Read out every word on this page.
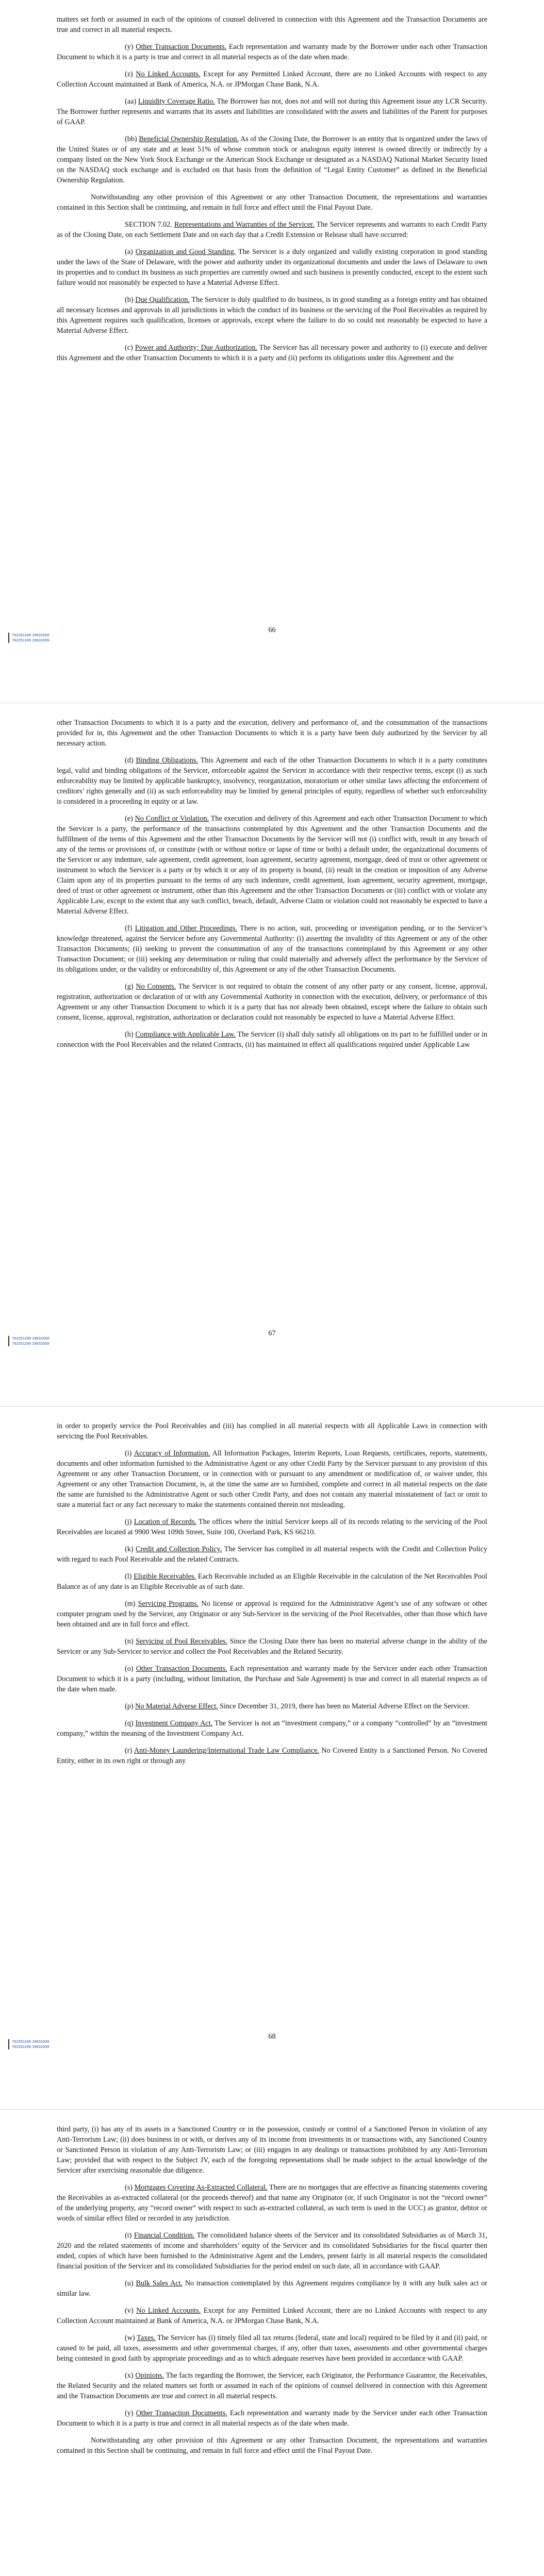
matters set forth or assumed in each of the opinions of counsel delivered in connection with this Agreement and the Transaction Documents are true and correct in all material respects.

(y) Other Transaction Documents. Each representation and warranty made by the Borrower under each other Transaction Document to which it is a party is true and correct in all material respects as of the date when made.

(z) No Linked Accounts. Except for any Permitted Linked Account, there are no Linked Accounts with respect to any Collection Account maintained at Bank of America, N.A. or JPMorgan Chase Bank, N.A.

(aa) Liquidity Coverage Ratio. The Borrower has not, does not and will not during this Agreement issue any LCR Security. The Borrower further represents and warrants that its assets and liabilities are consolidated with the assets and liabilities of the Parent for purposes of GAAP.

(bb) Beneficial Ownership Regulation. As of the Closing Date, the Borrower is an entity that is organized under the laws of the United States or of any state and at least 51% of whose common stock or analogous equity interest is owned directly or indirectly by a company listed on the New York Stock Exchange or the American Stock Exchange or designated as a NASDAQ National Market Security listed on the NASDAQ stock exchange and is excluded on that basis from the definition of “Legal Entity Customer” as defined in the Beneficial Ownership Regulation.

Notwithstanding any other provision of this Agreement or any other Transaction Document, the representations and warranties contained in this Section shall be continuing, and remain in full force and effect until the Final Payout Date.

SECTION 7.02. Representations and Warranties of the Servicer. The Servicer represents and warrants to each Credit Party as of the Closing Date, on each Settlement Date and on each day that a Credit Extension or Release shall have occurred:

(a) Organization and Good Standing. The Servicer is a duly organized and validly existing corporation in good standing under the laws of the State of Delaware, with the power and authority under its organizational documents and under the laws of Delaware to own its properties and to conduct its business as such properties are currently owned and such business is presently conducted, except to the extent such failure would not reasonably be expected to have a Material Adverse Effect.

(b) Due Qualification. The Servicer is duly qualified to do business, is in good standing as a foreign entity and has obtained all necessary licenses and approvals in all jurisdictions in which the conduct of its business or the servicing of the Pool Receivables as required by this Agreement requires such qualification, licenses or approvals, except where the failure to do so could not reasonably be expected to have a Material Adverse Effect.

(c) Power and Authority; Due Authorization. The Servicer has all necessary power and authority to (i) execute and deliver this Agreement and the other Transaction Documents to which it is a party and (ii) perform its obligations under this Agreement and the

66
762251189 19631659
762251189 19631659

other Transaction Documents to which it is a party and the execution, delivery and performance of, and the consummation of the transactions provided for in, this Agreement and the other Transaction Documents to which it is a party have been duly authorized by the Servicer by all necessary action.

(d) Binding Obligations. This Agreement and each of the other Transaction Documents to which it is a party constitutes legal, valid and binding obligations of the Servicer, enforceable against the Servicer in accordance with their respective terms, except (i) as such enforceability may be limited by applicable bankruptcy, insolvency, reorganization, moratorium or other similar laws affecting the enforcement of creditors’ rights generally and (ii) as such enforceability may be limited by general principles of equity, regardless of whether such enforceability is considered in a proceeding in equity or at law.

(e) No Conflict or Violation. The execution and delivery of this Agreement and each other Transaction Document to which the Servicer is a party, the performance of the transactions contemplated by this Agreement and the other Transaction Documents and the fulfillment of the terms of this Agreement and the other Transaction Documents by the Servicer will not (i) conflict with, result in any breach of any of the terms or provisions of, or constitute (with or without notice or lapse of time or both) a default under, the organizational documents of the Servicer or any indenture, sale agreement, credit agreement, loan agreement, security agreement, mortgage, deed of trust or other agreement or instrument to which the Servicer is a party or by which it or any of its property is bound, (ii) result in the creation or imposition of any Adverse Claim upon any of its properties pursuant to the terms of any such indenture, credit agreement, loan agreement, security agreement, mortgage, deed of trust or other agreement or instrument, other than this Agreement and the other Transaction Documents or (iii) conflict with or violate any Applicable Law, except to the extent that any such conflict, breach, default, Adverse Claim or violation could not reasonably be expected to have a Material Adverse Effect.

(f) Litigation and Other Proceedings. There is no action, suit, proceeding or investigation pending, or to the Servicer’s knowledge threatened, against the Servicer before any Governmental Authority: (i) asserting the invalidity of this Agreement or any of the other Transaction Documents; (ii) seeking to prevent the consummation of any of the transactions contemplated by this Agreement or any other Transaction Document; or (iii) seeking any determination or ruling that could materially and adversely affect the performance by the Servicer of its obligations under, or the validity or enforceability of, this Agreement or any of the other Transaction Documents.

(g) No Consents. The Servicer is not required to obtain the consent of any other party or any consent, license, approval, registration, authorization or declaration of or with any Governmental Authority in connection with the execution, delivery, or performance of this Agreement or any other Transaction Document to which it is a party that has not already been obtained, except where the failure to obtain such consent, license, approval, registration, authorization or declaration could not reasonably be expected to have a Material Adverse Effect.

(h) Compliance with Applicable Law. The Servicer (i) shall duly satisfy all obligations on its part to be fulfilled under or in connection with the Pool Receivables and the related Contracts, (ii) has maintained in effect all qualifications required under Applicable Law

67
762251189 19631659
762251189 19631659

in order to properly service the Pool Receivables and (iii) has complied in all material respects with all Applicable Laws in connection with servicing the Pool Receivables.

(i) Accuracy of Information. All Information Packages, Interim Reports, Loan Requests, certificates, reports, statements, documents and other information furnished to the Administrative Agent or any other Credit Party by the Servicer pursuant to any provision of this Agreement or any other Transaction Document, or in connection with or pursuant to any amendment or modification of, or waiver under, this Agreement or any other Transaction Document, is, at the time the same are so furnished, complete and correct in all material respects on the date the same are furnished to the Administrative Agent or such other Credit Party, and does not contain any material misstatement of fact or omit to state a material fact or any fact necessary to make the statements contained therein not misleading.

(j) Location of Records. The offices where the initial Servicer keeps all of its records relating to the servicing of the Pool Receivables are located at 9900 West 109th Street, Suite 100, Overland Park, KS 66210.

(k) Credit and Collection Policy. The Servicer has complied in all material respects with the Credit and Collection Policy with regard to each Pool Receivable and the related Contracts.

(l) Eligible Receivables. Each Receivable included as an Eligible Receivable in the calculation of the Net Receivables Pool Balance as of any date is an Eligible Receivable as of such date.

(m) Servicing Programs. No license or approval is required for the Administrative Agent’s use of any software or other computer program used by the Servicer, any Originator or any Sub-Servicer in the servicing of the Pool Receivables, other than those which have been obtained and are in full force and effect.

(n) Servicing of Pool Receivables. Since the Closing Date there has been no material adverse change in the ability of the Servicer or any Sub-Servicer to service and collect the Pool Receivables and the Related Security.

(o) Other Transaction Documents. Each representation and warranty made by the Servicer under each other Transaction Document to which it is a party (including, without limitation, the Purchase and Sale Agreement) is true and correct in all material respects as of the date when made.

(p) No Material Adverse Effect. Since December 31, 2019, there has been no Material Adverse Effect on the Servicer.

(q) Investment Company Act. The Servicer is not an “investment company,” or a company “controlled” by an “investment company,” within the meaning of the Investment Company Act.

(r) Anti-Money Laundering/International Trade Law Compliance. No Covered Entity is a Sanctioned Person. No Covered Entity, either in its own right or through any

68
762251189 19631659
762251189 19631659

third party, (i) has any of its assets in a Sanctioned Country or in the possession, custody or control of a Sanctioned Person in violation of any Anti-Terrorism Law; (ii) does business in or with, or derives any of its income from investments in or transactions with, any Sanctioned Country or Sanctioned Person in violation of any Anti-Terrorism Law; or (iii) engages in any dealings or transactions prohibited by any Anti-Terrorism Law; provided that with respect to the Subject JV, each of the foregoing representations shall be made subject to the actual knowledge of the Servicer after exercising reasonable due diligence.

(s) Mortgages Covering As-Extracted Collateral. There are no mortgages that are effective as financing statements covering the Receivables as as-extracted collateral (or the proceeds thereof) and that name any Originator (or, if such Originator is not the “record owner” of the underlying property, any “record owner” with respect to such as-extracted collateral, as such term is used in the UCC) as grantor, debtor or words of similar effect filed or recorded in any jurisdiction.

(t) Financial Condition. The consolidated balance sheets of the Servicer and its consolidated Subsidiaries as of March 31, 2020 and the related statements of income and shareholders’ equity of the Servicer and its consolidated Subsidiaries for the fiscal quarter then ended, copies of which have been furnished to the Administrative Agent and the Lenders, present fairly in all material respects the consolidated financial position of the Servicer and its consolidated Subsidiaries for the period ended on such date, all in accordance with GAAP.

(u) Bulk Sales Act. No transaction contemplated by this Agreement requires compliance by it with any bulk sales act or similar law.

(v) No Linked Accounts. Except for any Permitted Linked Account, there are no Linked Accounts with respect to any Collection Account maintained at Bank of America, N.A. or JPMorgan Chase Bank, N.A.

(w) Taxes. The Servicer has (i) timely filed all tax returns (federal, state and local) required to be filed by it and (ii) paid, or caused to be paid, all taxes, assessments and other governmental charges, if any, other than taxes, assessments and other governmental charges being contested in good faith by appropriate proceedings and as to which adequate reserves have been provided in accordance with GAAP.

(x) Opinions. The facts regarding the Borrower, the Servicer, each Originator, the Performance Guarantor, the Receivables, the Related Security and the related matters set forth or assumed in each of the opinions of counsel delivered in connection with this Agreement and the Transaction Documents are true and correct in all material respects.

(y) Other Transaction Documents. Each representation and warranty made by the Servicer under each other Transaction Document to which it is a party is true and correct in all material respects as of the date when made.

Notwithstanding any other provision of this Agreement or any other Transaction Document, the representations and warranties contained in this Section shall be continuing, and remain in full force and effect until the Final Payout Date.
